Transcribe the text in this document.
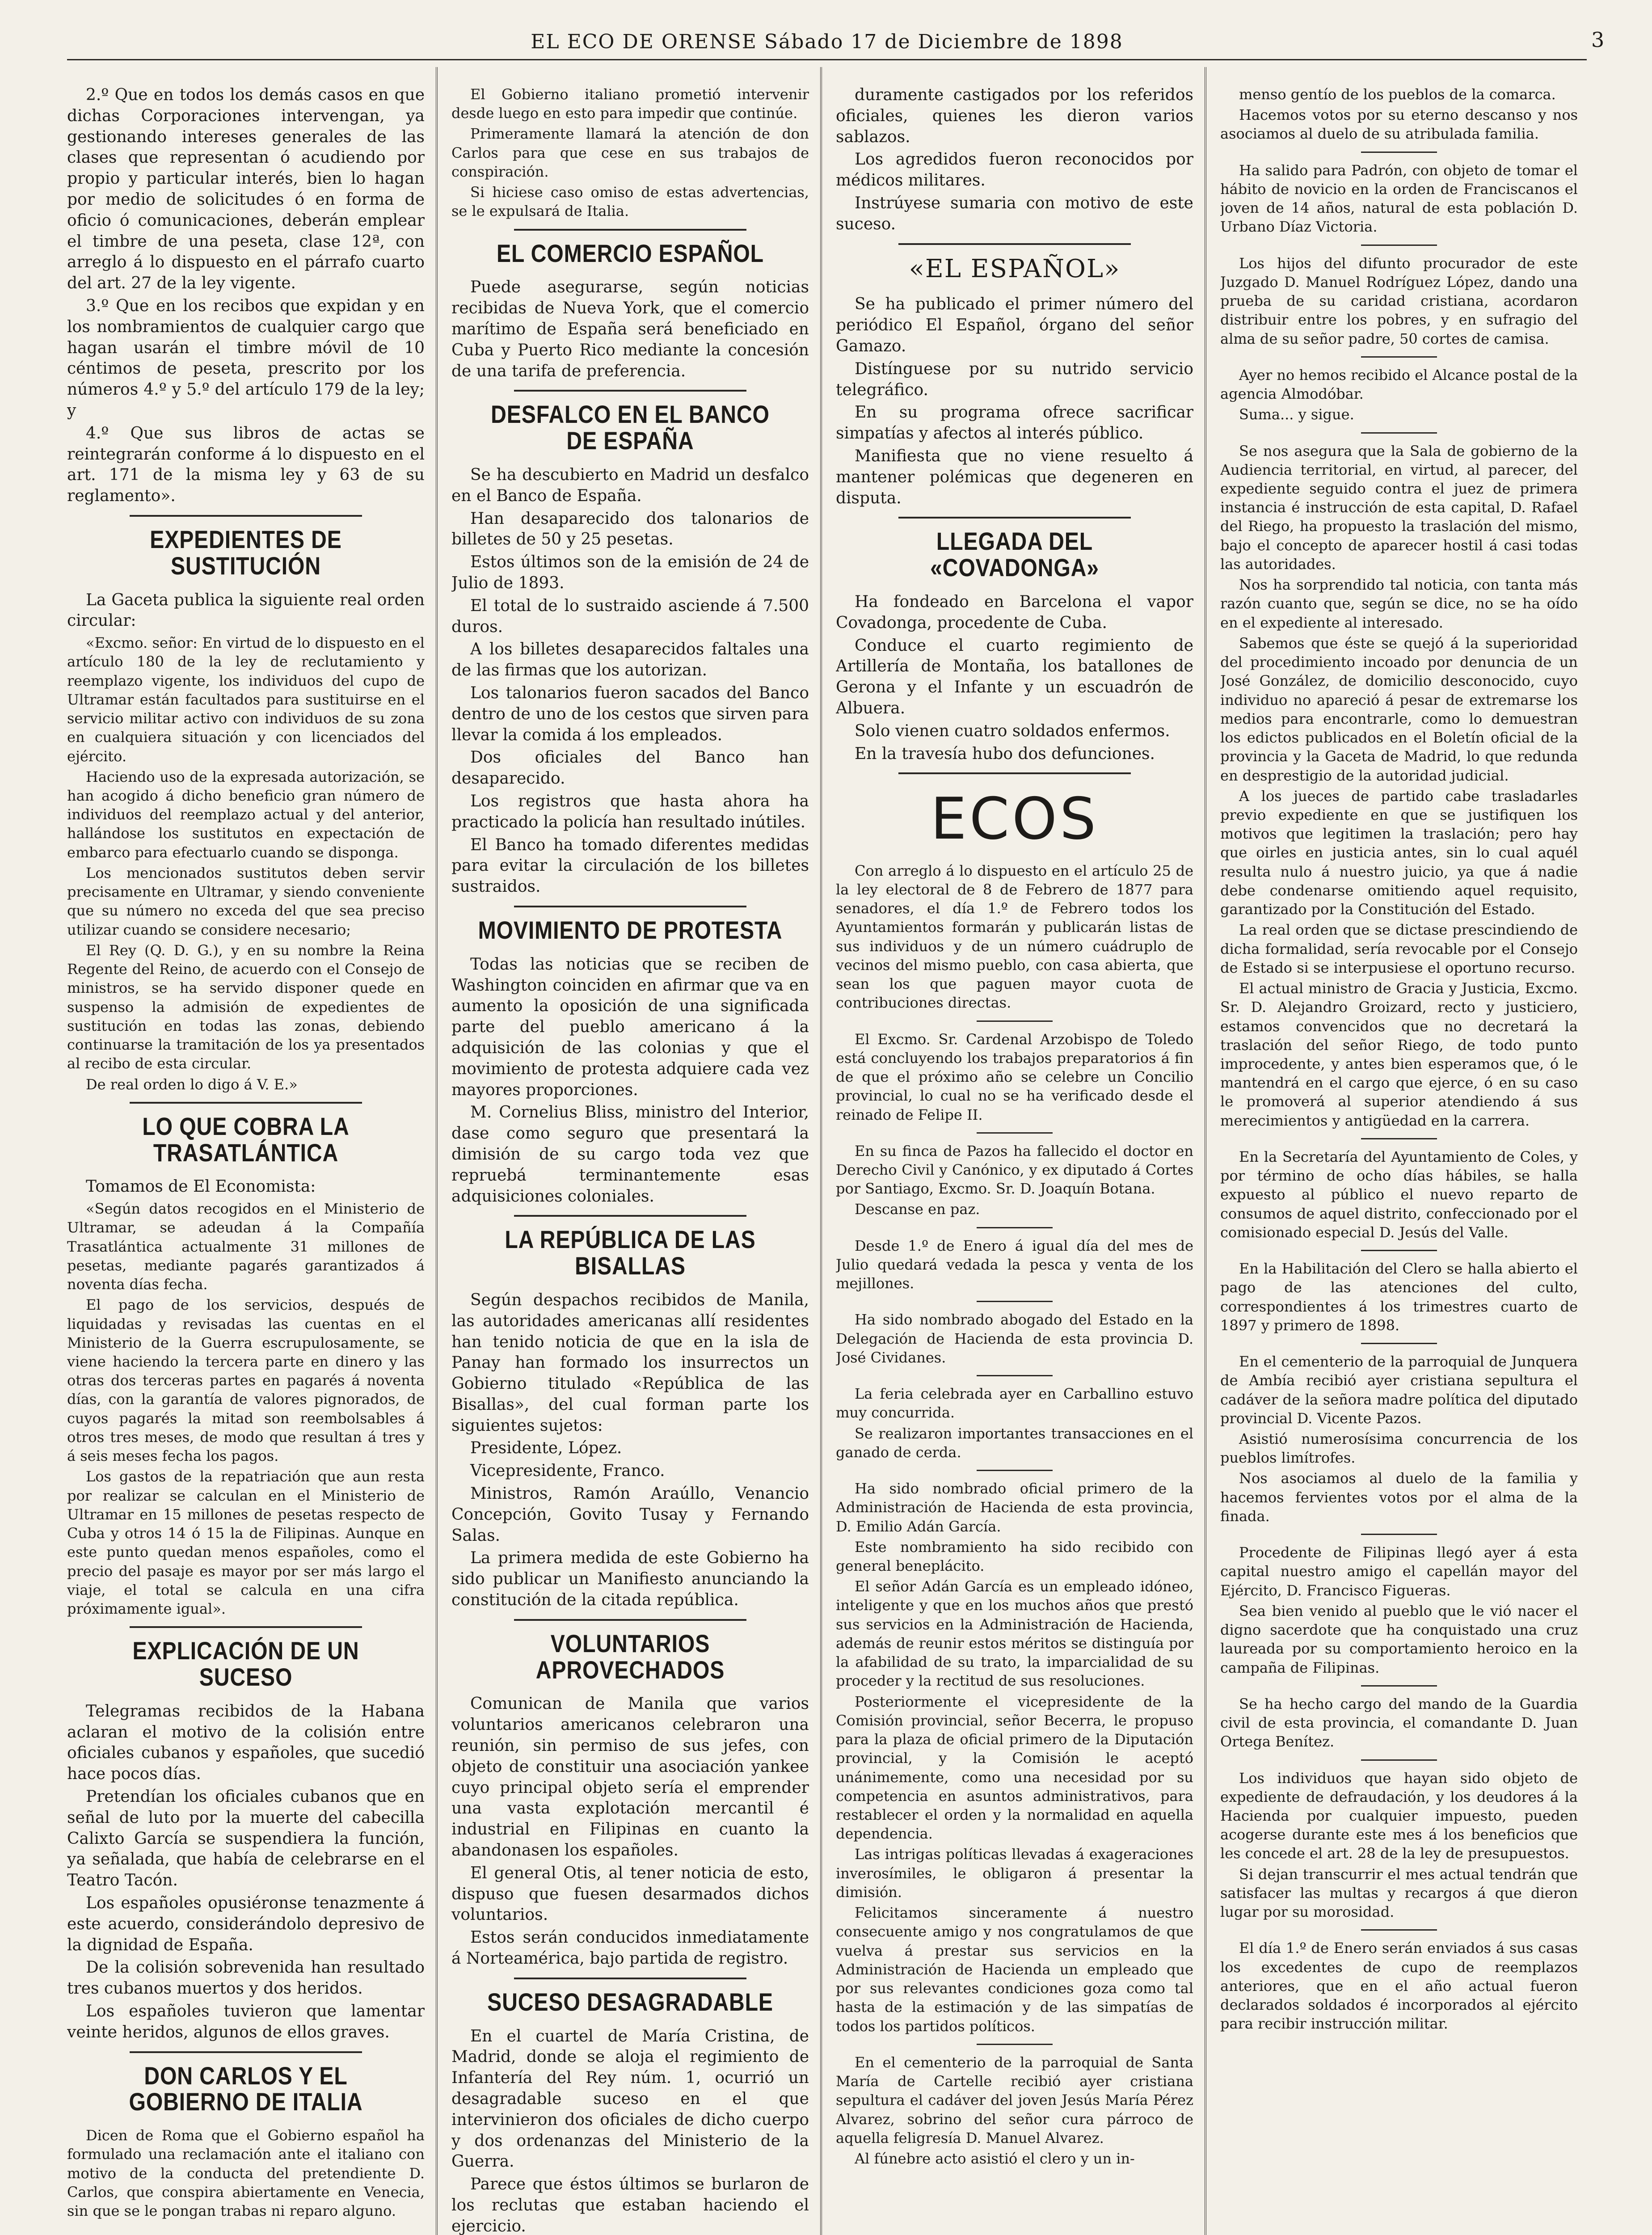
EL ECO DE ORENSE Sábado 17 de Diciembre de 1898	3

2.º Que en todos los demás casos en que dichas Corporaciones intervengan, ya gestionando intereses generales de las clases que representan ó acudiendo por propio y particular interés, bien lo hagan por medio de solicitudes ó en forma de oficio ó comunicaciones, deberán emplear el timbre de una peseta, clase 12ª, con arreglo á lo dispuesto en el párrafo cuarto del art. 27 de la ley vigente.

3.º Que en los recibos que expidan y en los nombramientos de cualquier cargo que hagan usarán el timbre móvil de 10 céntimos de peseta, prescrito por los números 4.º y 5.º del artículo 179 de la ley; y

4.º Que sus libros de actas se reintegrarán conforme á lo dispuesto en el art. 171 de la misma ley y 63 de su reglamento».

EXPEDIENTES DE SUSTITUCIÓN

La Gaceta publica la siguiente real orden circular:

«Excmo. señor: En virtud de lo dispuesto en el artículo 180 de la ley de reclutamiento y reemplazo vigente, los individuos del cupo de Ultramar están facultados para sustituirse en el servicio militar activo con individuos de su zona en cualquiera situación y con licenciados del ejército.

Haciendo uso de la expresada autorización, se han acogido á dicho beneficio gran número de individuos del reemplazo actual y del anterior, hallándose los sustitutos en expectación de embarco para efectuarlo cuando se disponga.

Los mencionados sustitutos deben servir precisamente en Ultramar, y siendo conveniente que su número no exceda del que sea preciso utilizar cuando se considere necesario;

El Rey (Q. D. G.), y en su nombre la Reina Regente del Reino, de acuerdo con el Consejo de ministros, se ha servido disponer quede en suspenso la admisión de expedientes de sustitución en todas las zonas, debiendo continuarse la tramitación de los ya presentados al recibo de esta circular.

De real orden lo digo á V. E.»

LO QUE COBRA LA TRASATLÁNTICA

Tomamos de El Economista:

«Según datos recogidos en el Ministerio de Ultramar, se adeudan á la Compañía Trasatlántica actualmente 31 millones de pesetas, mediante pagarés garantizados á noventa días fecha.

El pago de los servicios, después de liquidadas y revisadas las cuentas en el Ministerio de la Guerra escrupulosamente, se viene haciendo la tercera parte en dinero y las otras dos terceras partes en pagarés á noventa días, con la garantía de valores pignorados, de cuyos pagarés la mitad son reembolsables á otros tres meses, de modo que resultan á tres y á seis meses fecha los pagos.

Los gastos de la repatriación que aun resta por realizar se calculan en el Ministerio de Ultramar en 15 millones de pesetas respecto de Cuba y otros 14 ó 15 la de Filipinas. Aunque en este punto quedan menos españoles, como el precio del pasaje es mayor por ser más largo el viaje, el total se calcula en una cifra próximamente igual».

EXPLICACIÓN DE UN SUCESO

Telegramas recibidos de la Habana aclaran el motivo de la colisión entre oficiales cubanos y españoles, que sucedió hace pocos días.

Pretendían los oficiales cubanos que en señal de luto por la muerte del cabecilla Calixto García se suspendiera la función, ya señalada, que había de celebrarse en el Teatro Tacón.

Los españoles opusiéronse tenazmente á este acuerdo, considerándolo depresivo de la dignidad de España.

De la colisión sobrevenida han resultado tres cubanos muertos y dos heridos.

Los españoles tuvieron que lamentar veinte heridos, algunos de ellos graves.

DON CARLOS Y EL GOBIERNO DE ITALIA

Dicen de Roma que el Gobierno español ha formulado una reclamación ante el italiano con motivo de la conducta del pretendiente D. Carlos, que conspira abiertamente en Venecia, sin que se le pongan trabas ni reparo alguno.

El Gobierno italiano prometió intervenir desde luego en esto para impedir que continúe.

Primeramente llamará la atención de don Carlos para que cese en sus trabajos de conspiración.

Si hiciese caso omiso de estas advertencias, se le expulsará de Italia.

EL COMERCIO ESPAÑOL

Puede asegurarse, según noticias recibidas de Nueva York, que el comercio marítimo de España será beneficiado en Cuba y Puerto Rico mediante la concesión de una tarifa de preferencia.

DESFALCO EN EL BANCO DE ESPAÑA

Se ha descubierto en Madrid un desfalco en el Banco de España.

Han desaparecido dos talonarios de billetes de 50 y 25 pesetas.

Estos últimos son de la emisión de 24 de Julio de 1893.

El total de lo sustraido asciende á 7.500 duros.

A los billetes desaparecidos faltales una de las firmas que los autorizan.

Los talonarios fueron sacados del Banco dentro de uno de los cestos que sirven para llevar la comida á los empleados.

Dos oficiales del Banco han desaparecido.

Los registros que hasta ahora ha practicado la policía han resultado inútiles.

El Banco ha tomado diferentes medidas para evitar la circulación de los billetes sustraidos.

MOVIMIENTO DE PROTESTA

Todas las noticias que se reciben de Washington coinciden en afirmar que va en aumento la oposición de una significada parte del pueblo americano á la adquisición de las colonias y que el movimiento de protesta adquiere cada vez mayores proporciones.

M. Cornelius Bliss, ministro del Interior, dase como seguro que presentará la dimisión de su cargo toda vez que repruebá terminantemente esas adquisiciones coloniales.

LA REPÚBLICA DE LAS BISALLAS

Según despachos recibidos de Manila, las autoridades americanas allí residentes han tenido noticia de que en la isla de Panay han formado los insurrectos un Gobierno titulado «República de las Bisallas», del cual forman parte los siguientes sujetos:

Presidente, López.

Vicepresidente, Franco.

Ministros, Ramón Araúllo, Venancio Concepción, Govito Tusay y Fernando Salas.

La primera medida de este Gobierno ha sido publicar un Manifiesto anunciando la constitución de la citada república.

VOLUNTARIOS APROVECHADOS

Comunican de Manila que varios voluntarios americanos celebraron una reunión, sin permiso de sus jefes, con objeto de constituir una asociación yankee cuyo principal objeto sería el emprender una vasta explotación mercantil é industrial en Filipinas en cuanto la abandonasen los españoles.

El general Otis, al tener noticia de esto, dispuso que fuesen desarmados dichos voluntarios.

Estos serán conducidos inmediatamente á Norteamérica, bajo partida de registro.

SUCESO DESAGRADABLE

En el cuartel de María Cristina, de Madrid, donde se aloja el regimiento de Infantería del Rey núm. 1, ocurrió un desagradable suceso en el que intervinieron dos oficiales de dicho cuerpo y dos ordenanzas del Ministerio de la Guerra.

Parece que éstos últimos se burlaron de los reclutas que estaban haciendo el ejercicio.

duramente castigados por los referidos oficiales, quienes les dieron varios sablazos.

Los agredidos fueron reconocidos por médicos militares.

Instrúyese sumaria con motivo de este suceso.

«EL ESPAÑOL»

Se ha publicado el primer número del periódico El Español, órgano del señor Gamazo.

Distínguese por su nutrido servicio telegráfico.

En su programa ofrece sacrificar simpatías y afectos al interés público.

Manifiesta que no viene resuelto á mantener polémicas que degeneren en disputa.

LLEGADA DEL «COVADONGA»

Ha fondeado en Barcelona el vapor Covadonga, procedente de Cuba.

Conduce el cuarto regimiento de Artillería de Montaña, los batallones de Gerona y el Infante y un escuadrón de Albuera.

Solo vienen cuatro soldados enfermos.

En la travesía hubo dos defunciones.

ECOS

Con arreglo á lo dispuesto en el artículo 25 de la ley electoral de 8 de Febrero de 1877 para senadores, el día 1.º de Febrero todos los Ayuntamientos formarán y publicarán listas de sus individuos y de un número cuádruplo de vecinos del mismo pueblo, con casa abierta, que sean los que paguen mayor cuota de contribuciones directas.

El Excmo. Sr. Cardenal Arzobispo de Toledo está concluyendo los trabajos preparatorios á fin de que el próximo año se celebre un Concilio provincial, lo cual no se ha verificado desde el reinado de Felipe II.

En su finca de Pazos ha fallecido el doctor en Derecho Civil y Canónico, y ex diputado á Cortes por Santiago, Excmo. Sr. D. Joaquín Botana.

Descanse en paz.

Desde 1.º de Enero á igual día del mes de Julio quedará vedada la pesca y venta de los mejillones.

Ha sido nombrado abogado del Estado en la Delegación de Hacienda de esta provincia D. José Cividanes.

La feria celebrada ayer en Carballino estuvo muy concurrida.

Se realizaron importantes transacciones en el ganado de cerda.

Ha sido nombrado oficial primero de la Administración de Hacienda de esta provincia, D. Emilio Adán García.

Este nombramiento ha sido recibido con general beneplácito.

El señor Adán García es un empleado idóneo, inteligente y que en los muchos años que prestó sus servicios en la Administración de Hacienda, además de reunir estos méritos se distinguía por la afabilidad de su trato, la imparcialidad de su proceder y la rectitud de sus resoluciones.

Posteriormente el vicepresidente de la Comisión provincial, señor Becerra, le propuso para la plaza de oficial primero de la Diputación provincial, y la Comisión le aceptó unánimemente, como una necesidad por su competencia en asuntos administrativos, para restablecer el orden y la normalidad en aquella dependencia.

Las intrigas políticas llevadas á exageraciones inverosímiles, le obligaron á presentar la dimisión.

Felicitamos sinceramente á nuestro consecuente amigo y nos congratulamos de que vuelva á prestar sus servicios en la Administración de Hacienda un empleado que por sus relevantes condiciones goza como tal hasta de la estimación y de las simpatías de todos los partidos políticos.

En el cementerio de la parroquial de Santa María de Cartelle recibió ayer cristiana sepultura el cadáver del joven Jesús María Pérez Alvarez, sobrino del señor cura párroco de aquella feligresía D. Manuel Alvarez.

Al fúnebre acto asistió el clero y un in-

menso gentío de los pueblos de la comarca.

Hacemos votos por su eterno descanso y nos asociamos al duelo de su atribulada familia.

Ha salido para Padrón, con objeto de tomar el hábito de novicio en la orden de Franciscanos el joven de 14 años, natural de esta población D. Urbano Díaz Victoria.

Los hijos del difunto procurador de este Juzgado D. Manuel Rodríguez López, dando una prueba de su caridad cristiana, acordaron distribuir entre los pobres, y en sufragio del alma de su señor padre, 50 cortes de camisa.

Ayer no hemos recibido el Alcance postal de la agencia Almodóbar.

Suma... y sigue.

Se nos asegura que la Sala de gobierno de la Audiencia territorial, en virtud, al parecer, del expediente seguido contra el juez de primera instancia é instrucción de esta capital, D. Rafael del Riego, ha propuesto la traslación del mismo, bajo el concepto de aparecer hostil á casi todas las autoridades.

Nos ha sorprendido tal noticia, con tanta más razón cuanto que, según se dice, no se ha oído en el expediente al interesado.

Sabemos que éste se quejó á la superioridad del procedimiento incoado por denuncia de un José González, de domicilio desconocido, cuyo individuo no apareció á pesar de extremarse los medios para encontrarle, como lo demuestran los edictos publicados en el Boletín oficial de la provincia y la Gaceta de Madrid, lo que redunda en desprestigio de la autoridad judicial.

A los jueces de partido cabe trasladarles previo expediente en que se justifiquen los motivos que legitimen la traslación; pero hay que oirles en justicia antes, sin lo cual aquél resulta nulo á nuestro juicio, ya que á nadie debe condenarse omitiendo aquel requisito, garantizado por la Constitución del Estado.

La real orden que se dictase prescindiendo de dicha formalidad, sería revocable por el Consejo de Estado si se interpusiese el oportuno recurso.

El actual ministro de Gracia y Justicia, Excmo. Sr. D. Alejandro Groizard, recto y justiciero, estamos convencidos que no decretará la traslación del señor Riego, de todo punto improcedente, y antes bien esperamos que, ó le mantendrá en el cargo que ejerce, ó en su caso le promoverá al superior atendiendo á sus merecimientos y antigüedad en la carrera.

En la Secretaría del Ayuntamiento de Coles, y por término de ocho días hábiles, se halla expuesto al público el nuevo reparto de consumos de aquel distrito, confeccionado por el comisionado especial D. Jesús del Valle.

En la Habilitación del Clero se halla abierto el pago de las atenciones del culto, correspondientes á los trimestres cuarto de 1897 y primero de 1898.

En el cementerio de la parroquial de Junquera de Ambía recibió ayer cristiana sepultura el cadáver de la señora madre política del diputado provincial D. Vicente Pazos.

Asistió numerosísima concurrencia de los pueblos limítrofes.

Nos asociamos al duelo de la familia y hacemos fervientes votos por el alma de la finada.

Procedente de Filipinas llegó ayer á esta capital nuestro amigo el capellán mayor del Ejército, D. Francisco Figueras.

Sea bien venido al pueblo que le vió nacer el digno sacerdote que ha conquistado una cruz laureada por su comportamiento heroico en la campaña de Filipinas.

Se ha hecho cargo del mando de la Guardia civil de esta provincia, el comandante D. Juan Ortega Benítez.

Los individuos que hayan sido objeto de expediente de defraudación, y los deudores á la Hacienda por cualquier impuesto, pueden acogerse durante este mes á los beneficios que les concede el art. 28 de la ley de presupuestos.

Si dejan transcurrir el mes actual tendrán que satisfacer las multas y recargos á que dieron lugar por su morosidad.

El día 1.º de Enero serán enviados á sus casas los excedentes de cupo de reemplazos anteriores, que en el año actual fueron declarados soldados é incorporados al ejército para recibir instrucción militar.
